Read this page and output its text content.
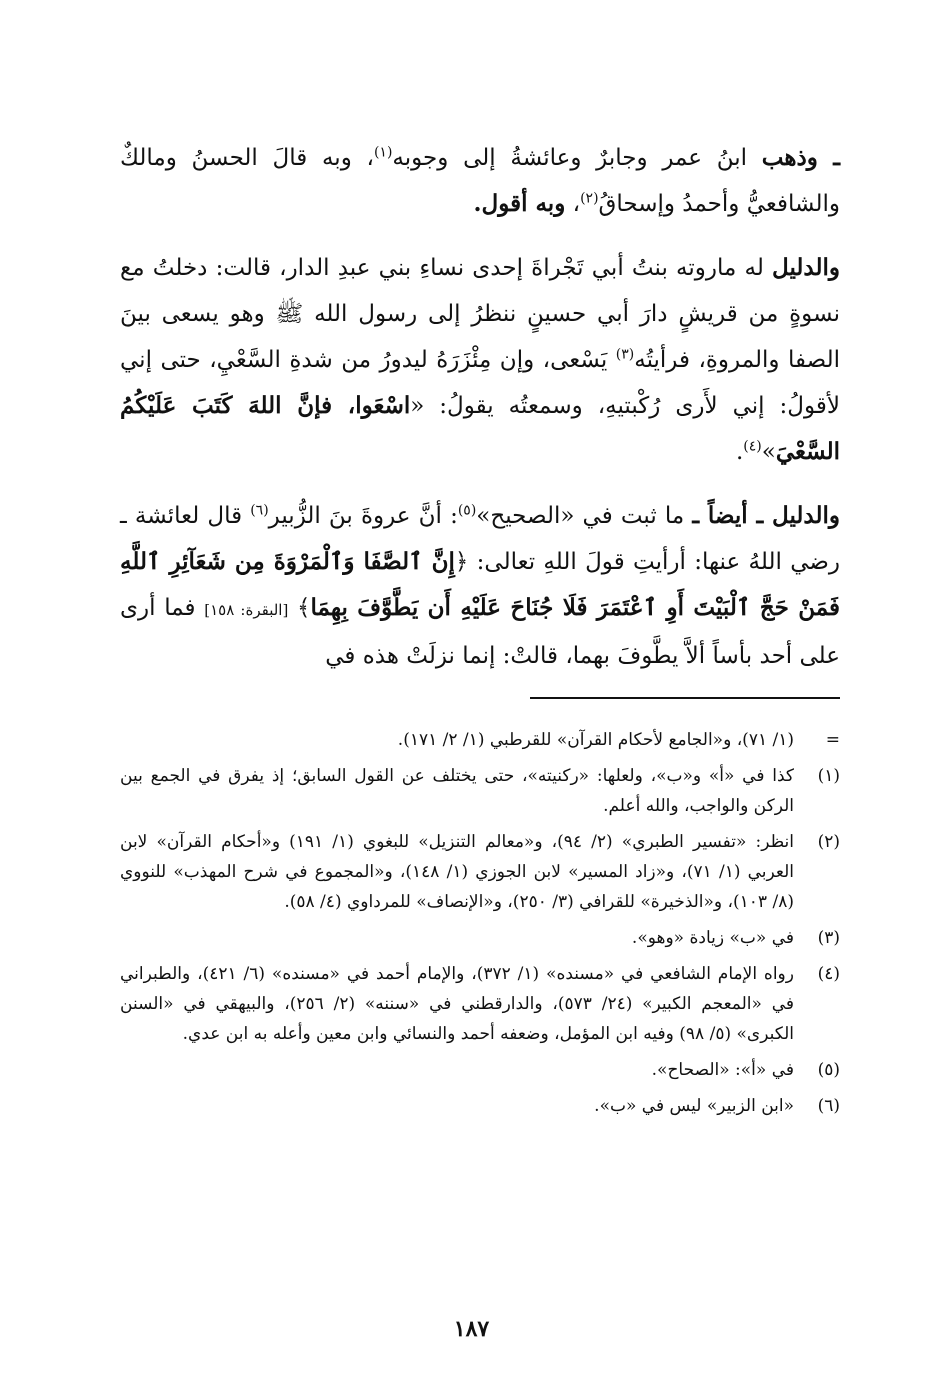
ـ وذهب ابنُ عمر وجابرٌ وعائشةُ إلى وجوبه$^{(١)}$، وبه قالَ الحسنُ ومالكٌ والشافعيُّ وأحمدُ وإسحاقُ$^{(٢)}$، وبه أقول.

والدليل له ماروته بنتُ أبي تَجْراةَ إحدى نساءِ بني عبدِ الدار، قالت: دخلتُ مع نسوةٍ من قريشٍ دارَ أبي حسينٍ ننظرُ إلى رسول الله ﷺ وهو يسعى بينَ الصفا والمروةِ، فرأيتُه$^{(٣)}$ يَسْعى، وإن مِئْزَرَهُ ليدورُ من شدةِ السَّعْيِ، حتى إني لأقولُ: إني لأَرى رُكْبتيهِ، وسمعتُه يقولُ: «اسْعَوا، فإنَّ اللهَ كَتَبَ عَلَيْكُمُ السَّعْيَ»$^{(٤)}$.

والدليل ـ أيضاً ـ ما ثبت في «الصحيح»$^{(٥)}$: أنَّ عروةَ بنَ الزُّبير$^{(٦)}$ قال لعائشة ـ رضي اللهُ عنها: أرأيتِ قولَ اللهِ تعالى: ﴿إِنَّ ٱلصَّفَا وَٱلْمَرْوَةَ مِن شَعَآئِرِ ٱللَّهِ فَمَنْ حَجَّ ٱلْبَيْتَ أَوِ ٱعْتَمَرَ فَلَا جُنَاحَ عَلَيْهِ أَن يَطَّوَّفَ بِهِمَا﴾ [البقرة: ١٥٨] فما أرى على أحد بأساً ألاَّ يطَّوفَ بهما، قالتْ: إنما نزلَتْ هذه في

=
(١/ ٧١)، و«الجامع لأحكام القرآن» للقرطبي (١/ ٢/ ١٧١).
(١)
كذا في «أ» و«ب»، ولعلها: «ركنيته»، حتى يختلف عن القول السابق؛ إذ يفرق في الجمع بين الركن والواجب، والله أعلم.
(٢)
انظر: «تفسير الطبري» (٢/ ٩٤)، و«معالم التنزيل» للبغوي (١/ ١٩١) و«أحكام القرآن» لابن العربي (١/ ٧١)، و«زاد المسير» لابن الجوزي (١/ ١٤٨)، و«المجموع في شرح المهذب» للنووي (٨/ ١٠٣)، و«الذخيرة» للقرافي (٣/ ٢٥٠)، و«الإنصاف» للمرداوي (٤/ ٥٨).
(٣)
في «ب» زيادة «وهو».
(٤)
رواه الإمام الشافعي في «مسنده» (١/ ٣٧٢)، والإمام أحمد في «مسنده» (٦/ ٤٢١)، والطبراني في «المعجم الكبير» (٢٤/ ٥٧٣)، والدارقطني في «سننه» (٢/ ٢٥٦)، والبيهقي في «السنن الكبرى» (٥/ ٩٨) وفيه ابن المؤمل، وضعفه أحمد والنسائي وابن معين وأعله به ابن عدي.
(٥)
في «أ»: «الصحاح».
(٦)
«ابن الزبير» ليس في «ب».
١٨٧
